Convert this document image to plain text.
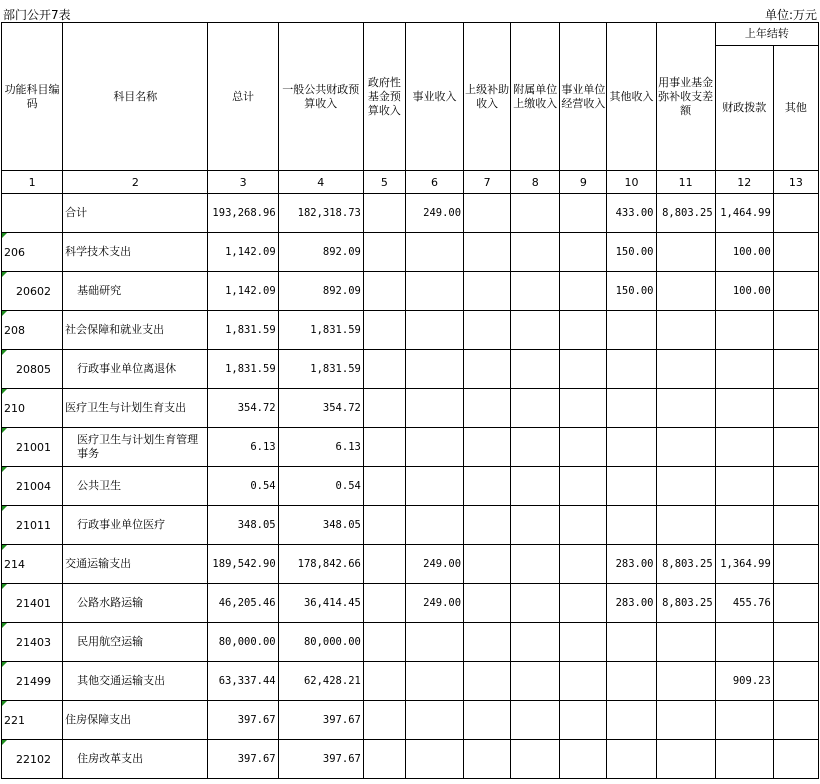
部门公开7表	单位:万元
功能科目编码	科目名称	总计	一般公共财政预算收入	政府性基金预算收入	事业收入	上级补助收入	附属单位上缴收入	事业单位经营收入	其他收入	用事业基金弥补收支差额	上年结转	
											财政拨款	其他
1	2	3	4	5	6	7	8	9	10	11	12	13
	合计	193,268.96	182,318.73		249.00				433.00	8,803.25	1,464.99	

206	科学技术支出	1,142.09	892.09						150.00		100.00	

20602	基础研究	1,142.09	892.09						150.00		100.00	

208	社会保障和就业支出	1,831.59	1,831.59									

20805	行政事业单位离退休	1,831.59	1,831.59									

210	医疗卫生与计划生育支出	354.72	354.72									

21001	医疗卫生与计划生育管理事务	6.13	6.13									

21004	公共卫生	0.54	0.54									

21011	行政事业单位医疗	348.05	348.05									

214	交通运输支出	189,542.90	178,842.66		249.00				283.00	8,803.25	1,364.99	

21401	公路水路运输	46,205.46	36,414.45		249.00				283.00	8,803.25	455.76	

21403	民用航空运输	80,000.00	80,000.00									

21499	其他交通运输支出	63,337.44	62,428.21								909.23	

221	住房保障支出	397.67	397.67									

22102	住房改革支出	397.67	397.67									
